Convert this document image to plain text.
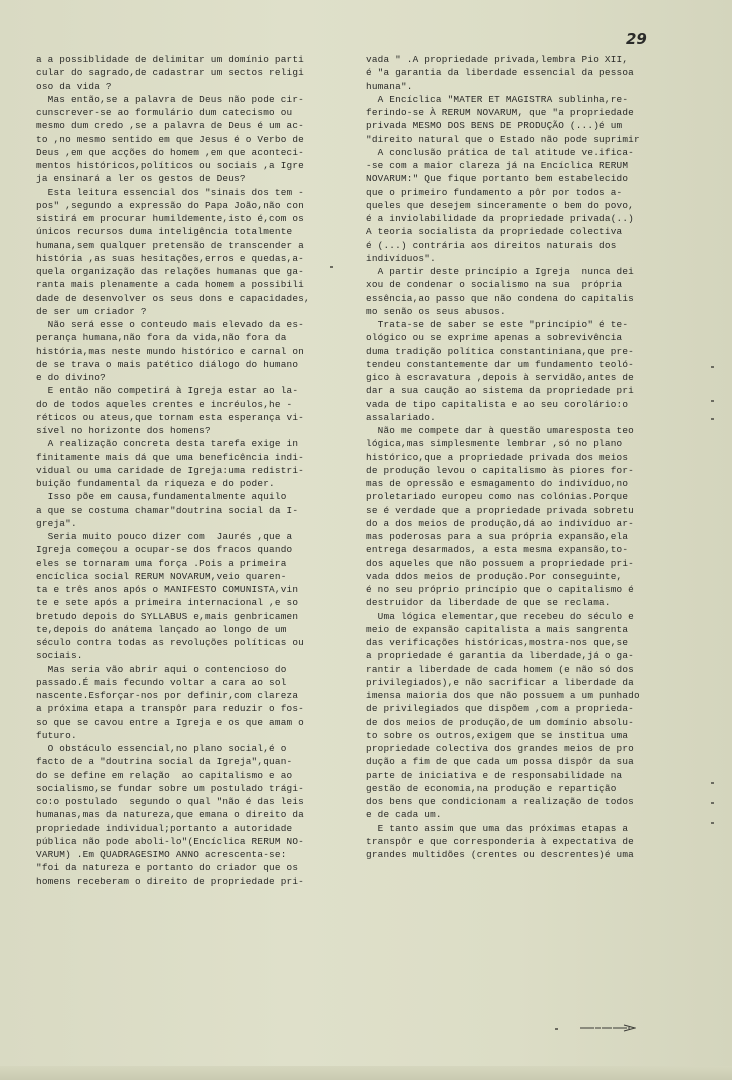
29
a a possiblidade de delimitar um domínio parti
cular do sagrado,de cadastrar um sectos religi
oso da vida ?
Mas então,se a palavra de Deus não pode cir-
cunscrever-se ao formulário dum catecismo ou
mesmo dum credo ,se a palavra de Deus é um ac-
to ,no mesmo sentido em que Jesus é o Verbo de
Deus ,em que acções do homem ,em que aconteci-
mentos históricos,políticos ou sociais ,a Igre
ja ensinará a ler os gestos de Deus?
Esta leitura essencial dos "sinais dos tem -
pos" ,segundo a expressão do Papa João,não con
sistirá em procurar humildemente,isto é,com os
únicos recursos duma inteligência totalmente
humana,sem qualquer pretensão de transcender a
história ,as suas hesitações,erros e quedas,a-
quela organização das relações humanas que ga-
ranta mais plenamente a cada homem a possibili
dade de desenvolver os seus dons e capacidades,
de ser um criador ?
Não será esse o conteudo mais elevado da es-
perança humana,não fora da vida,não fora da
história,mas neste mundo histórico e carnal on
de se trava o mais patético diálogo do humano
e do divino?
E então não competirá à Igreja estar ao la-
do de todos aqueles crentes e incréulos,he -
réticos ou ateus,que tornam esta esperança vi-
sível no horizonte dos homens?
A realização concreta desta tarefa exige in
finitamente mais dá que uma beneficência indi-
vidual ou uma caridade de Igreja:uma redistri-
buição fundamental da riqueza e do poder.
Isso põe em causa,fundamentalmente aquilo
a que se costuma chamar"doutrina social da I-
greja".
Seria muito pouco dizer com  Jaurés ,que a
Igreja começou a ocupar-se dos fracos quando
eles se tornaram uma força .Pois a primeira
encíclica social RERUM NOVARUM,veio quaren-
ta e três anos após o MANIFESTO COMUNISTA,vin
te e sete após a primeira internacional ,e so
bretudo depois do SYLLABUS e,mais genbricamen
te,depois do anátema lançado ao longo de um
século contra todas as revoluções políticas ou
sociais.
Mas seria vão abrir aqui o contencioso do
passado.É mais fecundo voltar a cara ao sol
nascente.Esforçar-nos por definir,com clareza
a próxima etapa a transpôr para reduzir o fos-
so que se cavou entre a Igreja e os que amam o
futuro.
O obstáculo essencial,no plano social,é o
facto de a "doutrina social da Igreja",quan-
do se define em relação  ao capitalismo e ao
socialismo,se fundar sobre um postulado trági-
co:o postulado  segundo o qual "não é das leis
humanas,mas da natureza,que emana o direito da
propriedade individual;portanto a autoridade
pública não pode aboli-lo"(Encíclica RERUM NO-
VARUM) .Em QUADRAGESIMO ANNO acrescenta-se:
"foi da natureza e portanto do criador que os
homens receberam o direito de propriedade pri-
vada " .A propriedade privada,lembra Pio XII,
é "a garantia da liberdade essencial da pessoa
humana".
A Encíclica "MATER ET MAGISTRA sublinha,re-
ferindo-se À RERUM NOVARUM, que "a propriedade
privada MESMO DOS BENS DE PRODUÇÃO (...)é um
"direito natural que o Estado não pode suprimir
A conclusão prática de tal atitude ve.ifica-
-se com a maior clareza já na Encíclica RERUM
NOVARUM:" Que fique portanto bem estabelecido
que o primeiro fundamento a pôr por todos a-
queles que desejem sinceramente o bem do povo,
é a inviolabilidade da propriedade privada(..)
A teoria socialista da propriedade colectiva
é (...) contrária aos direitos naturais dos
indivíduos".
A partir deste princípio a Igreja  nunca dei
xou de condenar o socialismo na sua  própria
essência,ao passo que não condena do capitalis
mo senão os seus abusos.
Trata-se de saber se este "princípio" é te-
ológico ou se exprime apenas a sobrevivência
duma tradição política constantiniana,que pre-
tendeu constantemente dar um fundamento teoló-
gico à escravatura ,depois à servidão,antes de
dar a sua caução ao sistema da propriedade pri
vada de tipo capitalista e ao seu corolário:o
assalariado.
Não me compete dar à questão umaresposta teo
lógica,mas simplesmente lembrar ,só no plano
histórico,que a propriedade privada dos meios
de produção levou o capitalismo às piores for-
mas de opressão e esmagamento do indivíduo,no
proletariado europeu como nas colónias.Porque
se é verdade que a propriedade privada sobretu
do a dos meios de produção,dá ao indivíduo ar-
mas poderosas para a sua própria expansão,ela
entrega desarmados, a esta mesma expansão,to-
dos aqueles que não possuem a propriedade pri-
vada ddos meios de produção.Por conseguinte,
é no seu próprio princípio que o capitalismo é
destruidor da liberdade de que se reclama.
Uma lógica elementar,que recebeu do século e
meio de expansão capitalista a mais sangrenta
das verificações históricas,mostra-nos que,se
a propriedade é garantia da liberdade,já o ga-
rantir a liberdade de cada homem (e não só dos
privilegiados),e não sacrificar a liberdade da
imensa maioria dos que não possuem a um punhado
de privilegiados que dispõem ,com a proprieda-
de dos meios de produção,de um domínio absolu-
to sobre os outros,exigem que se institua uma
propriedade colectiva dos grandes meios de pro
dução a fim de que cada um possa dispôr da sua
parte de iniciativa e de responsabilidade na
gestão de economia,na produção e repartição
dos bens que condicionam a realização de todos
e de cada um.
E tanto assim que uma das próximas etapas a
transpôr e que corresponderia à expectativa de
grandes multidões (crentes ou descrentes)é uma
